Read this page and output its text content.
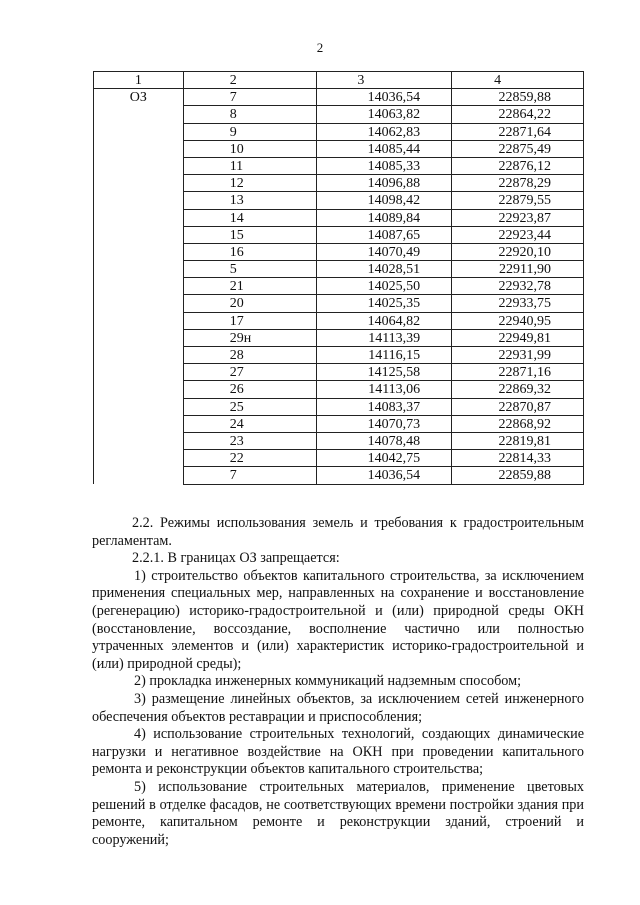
2
1	2	3	4
ОЗ	7	14036,54	22859,88
	8	14063,82	22864,22
	9	14062,83	22871,64
	10	14085,44	22875,49
	11	14085,33	22876,12
	12	14096,88	22878,29
	13	14098,42	22879,55
	14	14089,84	22923,87
	15	14087,65	22923,44
	16	14070,49	22920,10
	5	14028,51	22911,90
	21	14025,50	22932,78
	20	14025,35	22933,75
	17	14064,82	22940,95
	29н	14113,39	22949,81
	28	14116,15	22931,99
	27	14125,58	22871,16
	26	14113,06	22869,32
	25	14083,37	22870,87
	24	14070,73	22868,92
	23	14078,48	22819,81
	22	14042,75	22814,33
	7	14036,54	22859,88

2.2. Режимы использования земель и требования к градостроительным регламентам.

2.2.1. В границах ОЗ запрещается:

1) строительство объектов капитального строительства, за исключением применения специальных мер, направленных на сохранение и восстановление (регенерацию) историко-градостроительной и (или) природной среды ОКН (восстановление, воссоздание, восполнение частично или полностью утраченных элементов и (или) характеристик историко-градостроительной и (или) природной среды);

2) прокладка инженерных коммуникаций надземным способом;

3) размещение линейных объектов, за исключением сетей инженерного обеспечения объектов реставрации и приспособления;

4) использование строительных технологий, создающих динамические нагрузки и негативное воздействие на ОКН при проведении капитального ремонта и реконструкции объектов капитального строительства;

5) использование строительных материалов, применение цветовых решений в отделке фасадов, не соответствующих времени постройки здания при ремонте, капитальном ремонте и реконструкции зданий, строений и сооружений;
